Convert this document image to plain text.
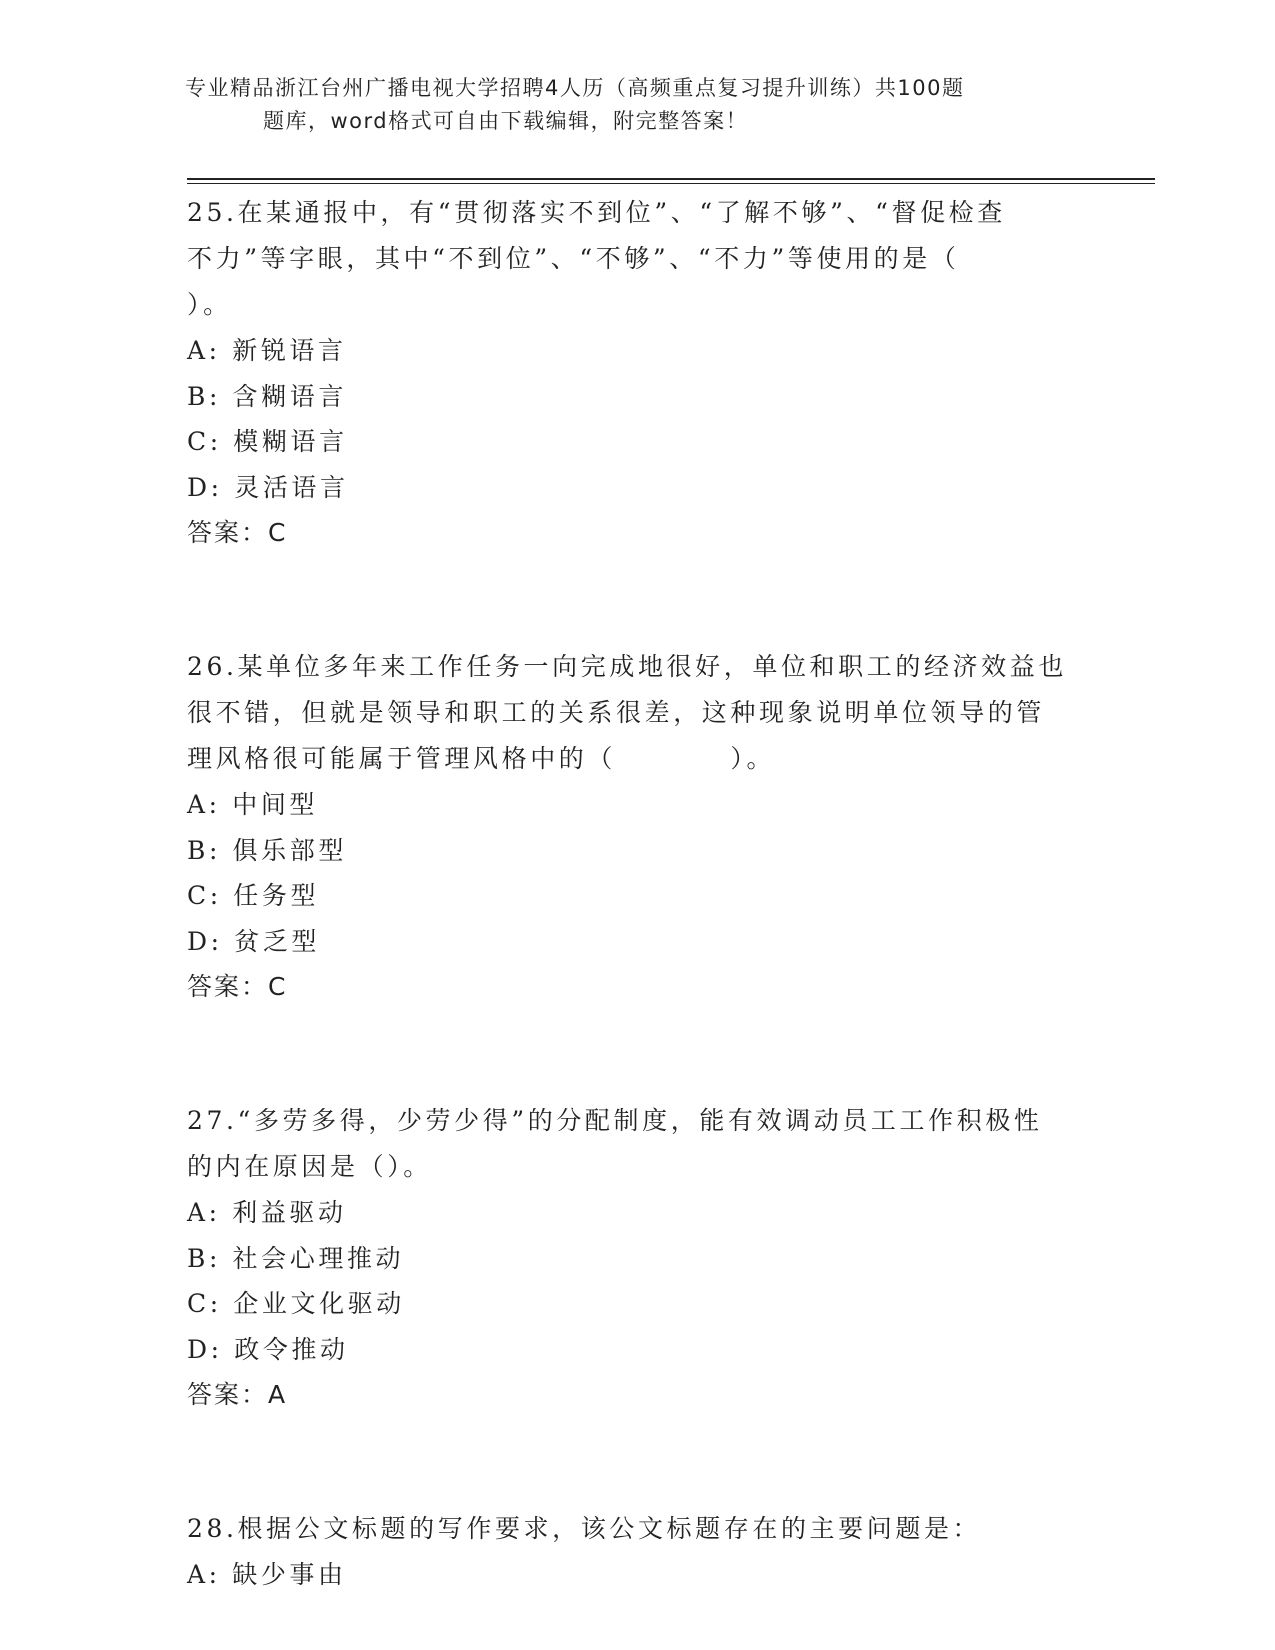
专业精品浙江台州广播电视大学招聘4人历（高频重点复习提升训练）共100题
题库，word格式可自由下载编辑，附完整答案！

25.在某通报中，有“贯彻落实不到位”、“了解不够”、“督促检查
不力”等字眼，其中“不到位”、“不够”、“不力”等使用的是（
）。

A: 新锐语言

B: 含糊语言

C: 模糊语言

D: 灵活语言

答案：C

26.某单位多年来工作任务一向完成地很好，单位和职工的经济效益也
很不错，但就是领导和职工的关系很差，这种现象说明单位领导的管
理风格很可能属于管理风格中的（　　　　）。

A: 中间型

B: 俱乐部型

C: 任务型

D: 贫乏型

答案：C

27.“多劳多得，少劳少得”的分配制度，能有效调动员工工作积极性
的内在原因是（）。

A: 利益驱动

B: 社会心理推动

C: 企业文化驱动

D: 政令推动

答案：A

28.根据公文标题的写作要求，该公文标题存在的主要问题是：

A: 缺少事由
